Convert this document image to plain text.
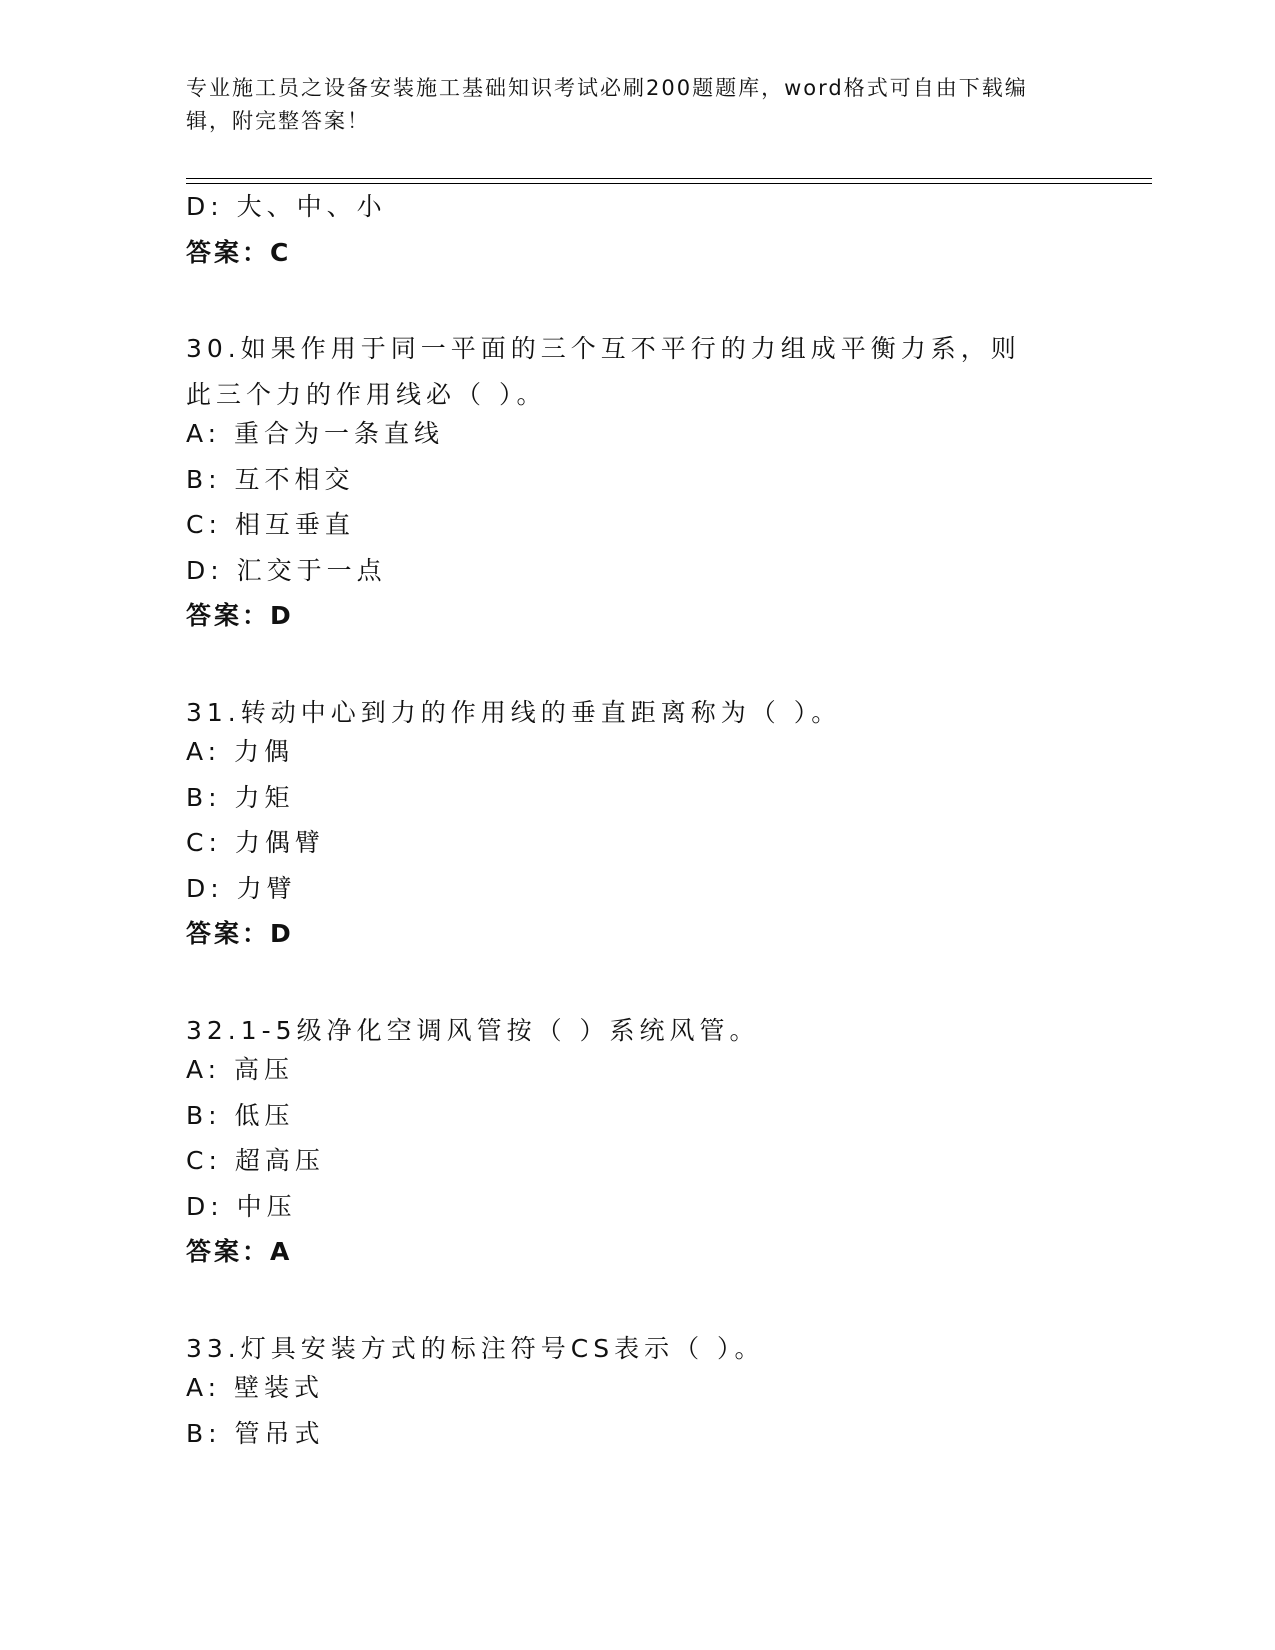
专业施工员之设备安装施工基础知识考试必刷200题题库，word格式可自由下载编辑，附完整答案！
D: 大、中、小
答案：C
30.如果作用于同一平面的三个互不平行的力组成平衡力系，则此三个力的作用线必（ ）。
A: 重合为一条直线
B: 互不相交
C: 相互垂直
D: 汇交于一点
答案：D
31.转动中心到力的作用线的垂直距离称为（ ）。
A: 力偶
B: 力矩
C: 力偶臂
D: 力臂
答案：D
32.1-5级净化空调风管按（ ）系统风管。
A: 高压
B: 低压
C: 超高压
D: 中压
答案：A
33.灯具安装方式的标注符号CS表示（ ）。
A: 壁装式
B: 管吊式
